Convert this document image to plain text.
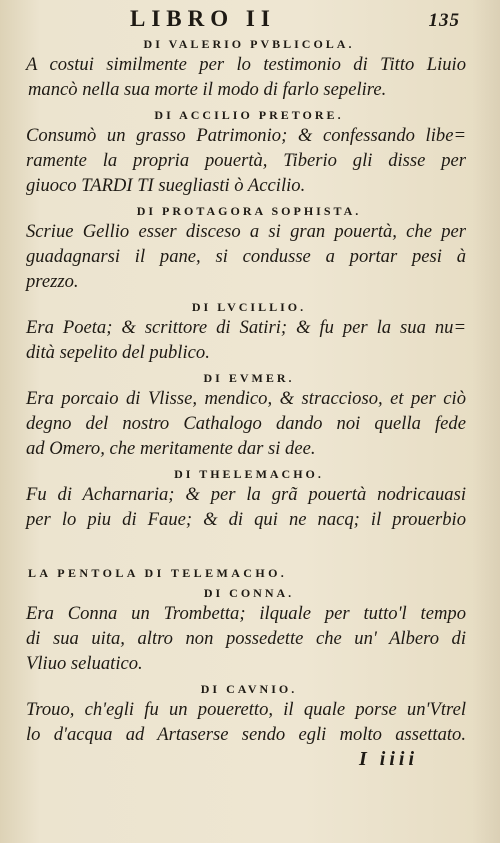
LIBRO II	135
DI VALERIO PVBLICOLA.
A costui similmente per lo testimonio di Titto Liuio
mancò nella sua morte il modo di farlo sepelire.
DI ACCILIO PRETORE.
Consumò un grasso Patrimonio; & confessando libe=
ramente la propria pouertà, Tiberio gli disse per
giuoco TARDI TI suegliasti ò Accilio.
DI PROTAGORA SOPHISTA.
Scriue Gellio esser disceso a si gran pouertà, che per
guadagnarsi il pane, si condusse a portar pesi à
prezzo.
DI LVCILLIO.
Era Poeta; & scrittore di Satiri; & fu per la sua nu=
dità sepelito del publico.
DI EVMER.
Era porcaio di Vlisse, mendico, & stracciosо, et per ciò
degno del nostro Cathalogo dando noi quella fede
ad Omero, che meritamente dar si dee.
DI THELEMACHO.
Fu di Acharnaria; & per la grã pouertà nodricauasi
per lo piu di Faue; & di qui ne nacq; il prouerbio
LA PENTOLA DI TELEMACHO.
DI CONNA.
Era Conna un Trombetta; ilquale per tutto'l tempo
di sua uita, altro non possedette che un' Albero di
Vliuo seluatico.
DI CAVNIO.
Trouo, ch'egli fu un poueretto, il quale porse un'Vtrel
lo d'acqua ad Artaserse sendo egli molto assettato.
I iiii
